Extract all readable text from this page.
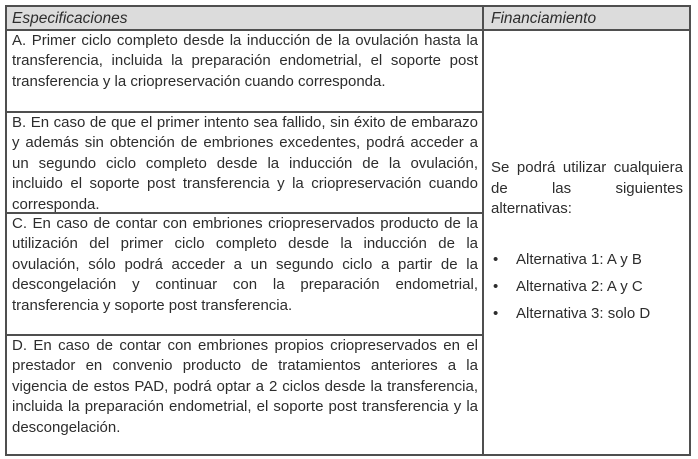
Especificaciones	Financiamiento
A. Primer ciclo completo desde la inducción de la ovulación hasta la transferencia, incluida la preparación endometrial, el soporte post transferencia y la criopreservación cuando corresponda.
B. En caso de que el primer intento sea fallido, sin éxito de embarazo y además sin obtención de embriones excedentes, podrá acceder a un segundo ciclo completo desde la inducción de la ovulación, incluido el soporte post transferencia y la criopreservación cuando corresponda.
C. En caso de contar con embriones criopreservados producto de la utilización del primer ciclo completo desde la inducción de la ovulación, sólo podrá acceder a un segundo ciclo a partir de la descongelación y continuar con la preparación endometrial, transferencia y soporte post transferencia.
D. En caso de contar con embriones propios criopreservados en el prestador en convenio producto de tratamientos anteriores a la vigencia de estos PAD, podrá optar a 2 ciclos desde la transferencia, incluida la preparación endometrial, el soporte post transferencia y la descongelación.
Se podrá utilizar cualquiera de las siguientes alternativas:
•	Alternativa 1: A y B
•	Alternativa 2: A y C
•	Alternativa 3: solo D
